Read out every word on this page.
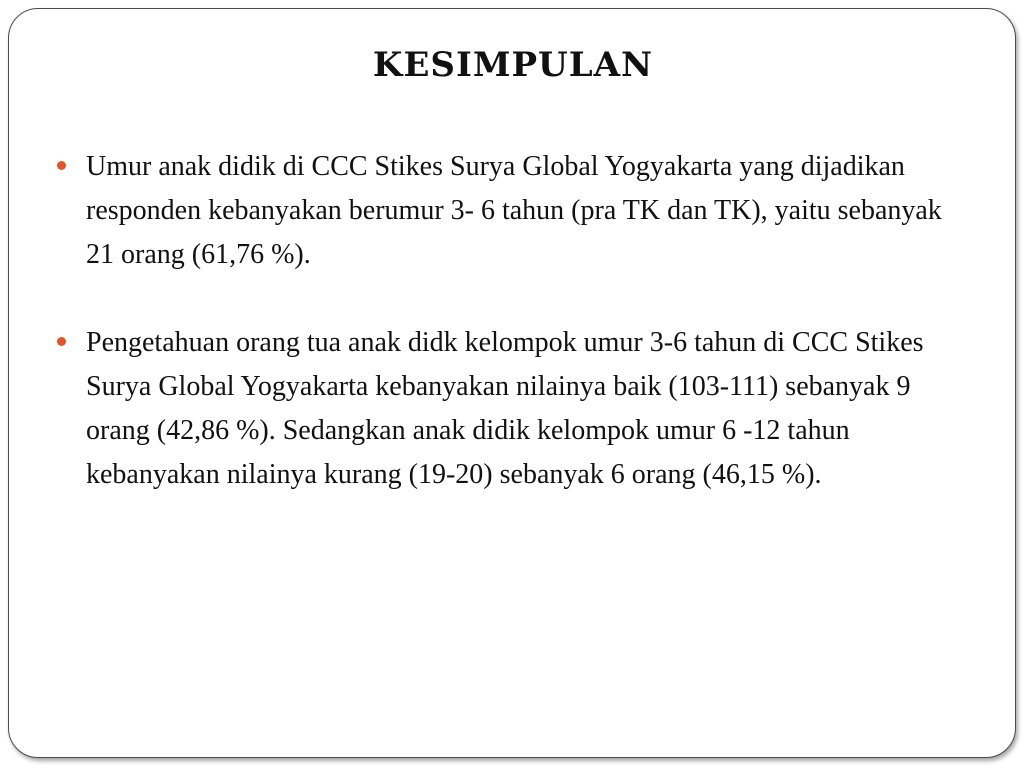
KESIMPULAN
Umur anak didik di CCC Stikes Surya Global Yogyakarta yang dijadikan responden kebanyakan berumur 3- 6 tahun (pra TK dan TK), yaitu sebanyak 21 orang (61,76 %).
Pengetahuan orang tua anak didk kelompok umur 3-6 tahun di CCC Stikes Surya Global Yogyakarta kebanyakan nilainya baik (103-111) sebanyak 9 orang (42,86 %). Sedangkan anak didik kelompok umur 6 -12 tahun kebanyakan nilainya kurang (19-20) sebanyak 6 orang (46,15 %).
